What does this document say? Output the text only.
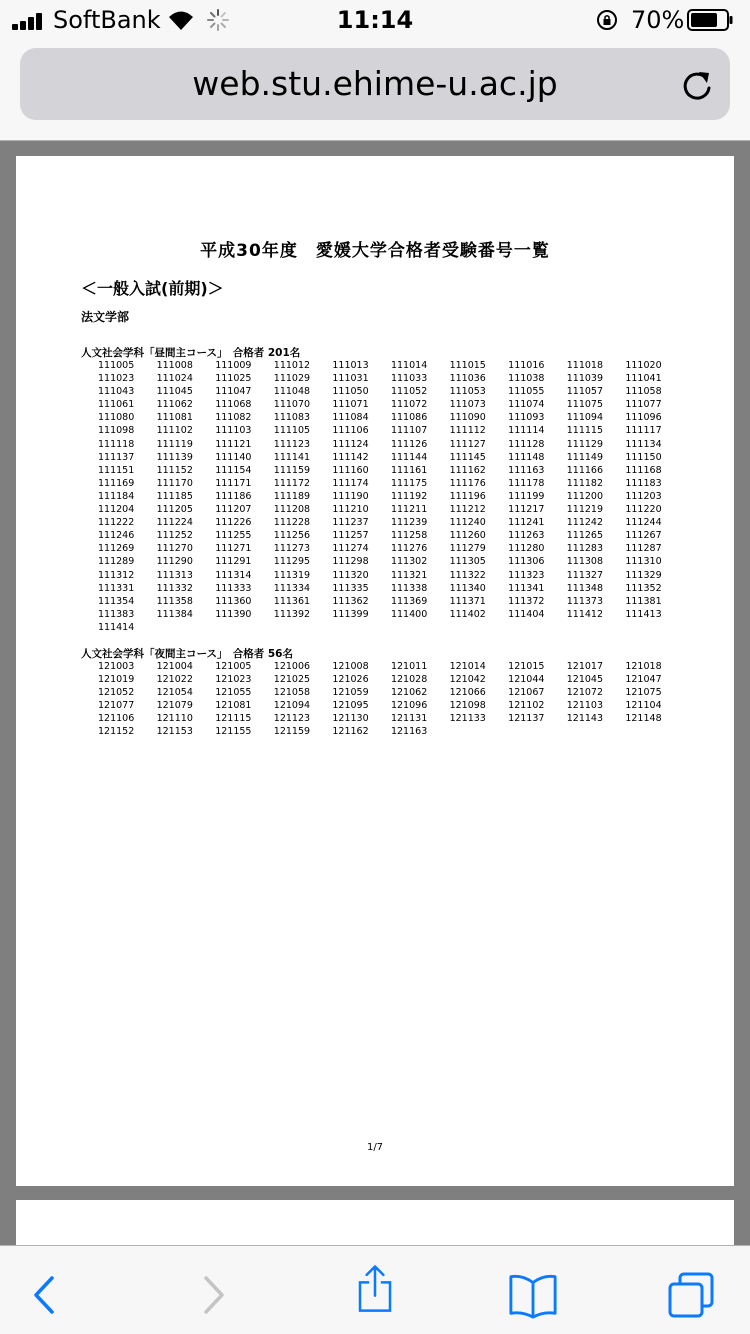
SoftBank	11:14	70%
web.stu.ehime-u.ac.jp
平成30年度　愛媛大学合格者受験番号一覧
＜一般入試(前期)＞
法文学部
人文社会学科「昼間主コース」　合格者 201名
111005	111008	111009	111012	111013	111014	111015	111016	111018	111020
111023	111024	111025	111029	111031	111033	111036	111038	111039	111041
111043	111045	111047	111048	111050	111052	111053	111055	111057	111058
111061	111062	111068	111070	111071	111072	111073	111074	111075	111077
111080	111081	111082	111083	111084	111086	111090	111093	111094	111096
111098	111102	111103	111105	111106	111107	111112	111114	111115	111117
111118	111119	111121	111123	111124	111126	111127	111128	111129	111134
111137	111139	111140	111141	111142	111144	111145	111148	111149	111150
111151	111152	111154	111159	111160	111161	111162	111163	111166	111168
111169	111170	111171	111172	111174	111175	111176	111178	111182	111183
111184	111185	111186	111189	111190	111192	111196	111199	111200	111203
111204	111205	111207	111208	111210	111211	111212	111217	111219	111220
111222	111224	111226	111228	111237	111239	111240	111241	111242	111244
111246	111252	111255	111256	111257	111258	111260	111263	111265	111267
111269	111270	111271	111273	111274	111276	111279	111280	111283	111287
111289	111290	111291	111295	111298	111302	111305	111306	111308	111310
111312	111313	111314	111319	111320	111321	111322	111323	111327	111329
111331	111332	111333	111334	111335	111338	111340	111341	111348	111352
111354	111358	111360	111361	111362	111369	111371	111372	111373	111381
111383	111384	111390	111392	111399	111400	111402	111404	111412	111413
111414
人文社会学科「夜間主コース」　合格者 56名
121003	121004	121005	121006	121008	121011	121014	121015	121017	121018
121019	121022	121023	121025	121026	121028	121042	121044	121045	121047
121052	121054	121055	121058	121059	121062	121066	121067	121072	121075
121077	121079	121081	121094	121095	121096	121098	121102	121103	121104
121106	121110	121115	121123	121130	121131	121133	121137	121143	121148
121152	121153	121155	121159	121162	121163
1/7
